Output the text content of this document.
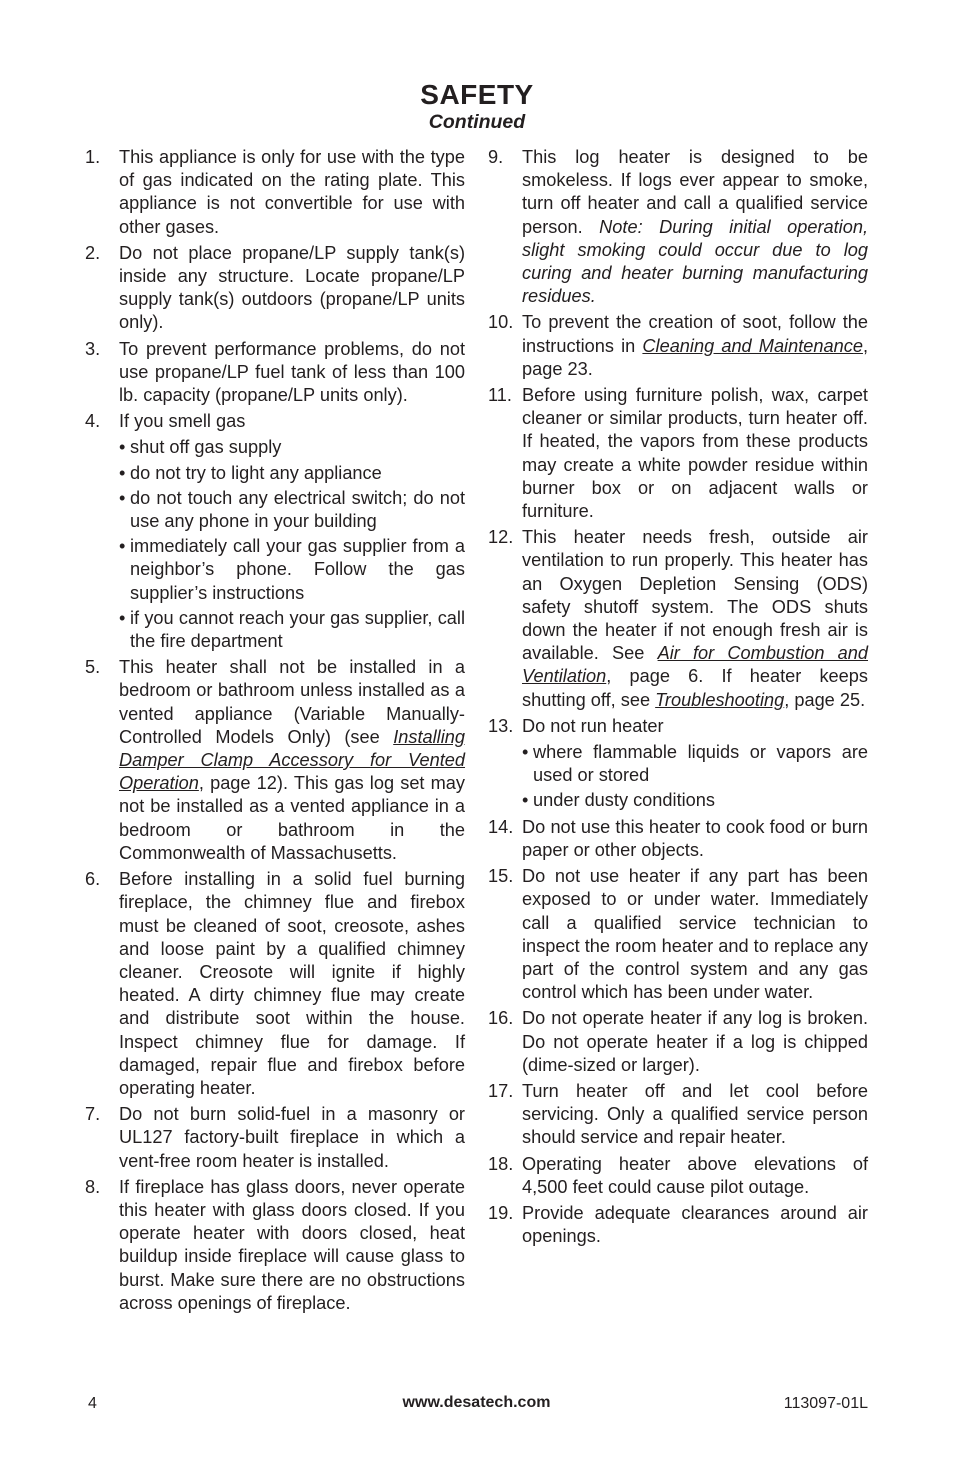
SAFETY
Continued
1. This appliance is only for use with the type of gas indicated on the rating plate. This appliance is not convertible for use with other gases.
2. Do not place propane/LP supply tank(s) inside any structure. Locate propane/LP supply tank(s) outdoors (propane/LP units only).
3. To prevent performance problems, do not use propane/LP fuel tank of less than 100 lb. capacity (propane/LP units only).
4. If you smell gas
• shut off gas supply
• do not try to light any appliance
• do not touch any electrical switch; do not use any phone in your building
• immediately call your gas supplier from a neighbor’s phone. Follow the gas supplier’s instructions
• if you cannot reach your gas supplier, call the fire department
5. This heater shall not be installed in a bedroom or bathroom unless installed as a vented appliance (Variable Manually-Controlled Models Only) (see Installing Damper Clamp Accessory for Vented Operation, page 12). This gas log set may not be installed as a vented appliance in a bedroom or bathroom in the Commonwealth of Massachusetts.
6. Before installing in a solid fuel burning fireplace, the chimney flue and firebox must be cleaned of soot, creosote, ashes and loose paint by a qualified chimney cleaner. Creosote will ignite if highly heated. A dirty chimney flue may create and distribute soot within the house. Inspect chimney flue for damage. If damaged, repair flue and firebox before operating heater.
7. Do not burn solid-fuel in a masonry or UL127 factory-built fireplace in which a vent-free room heater is installed.
8. If fireplace has glass doors, never operate this heater with glass doors closed. If you operate heater with doors closed, heat buildup inside fireplace will cause glass to burst. Make sure there are no obstructions across openings of fireplace.
9. This log heater is designed to be smokeless. If logs ever appear to smoke, turn off heater and call a qualified service person. Note: During initial operation, slight smoking could occur due to log curing and heater burning manufacturing residues.
10. To prevent the creation of soot, follow the instructions in Cleaning and Maintenance, page 23.
11. Before using furniture polish, wax, carpet cleaner or similar products, turn heater off. If heated, the vapors from these products may create a white powder residue within burner box or on adjacent walls or furniture.
12. This heater needs fresh, outside air ventilation to run properly. This heater has an Oxygen Depletion Sensing (ODS) safety shutoff system. The ODS shuts down the heater if not enough fresh air is available. See Air for Combustion and Ventilation, page 6. If heater keeps shutting off, see Troubleshooting, page 25.
13. Do not run heater
• where flammable liquids or vapors are used or stored
• under dusty conditions
14. Do not use this heater to cook food or burn paper or other objects.
15. Do not use heater if any part has been exposed to or under water. Immediately call a qualified service technician to inspect the room heater and to replace any part of the control system and any gas control which has been under water.
16. Do not operate heater if any log is broken. Do not operate heater if a log is chipped (dime-sized or larger).
17. Turn heater off and let cool before servicing. Only a qualified service person should service and repair heater.
18. Operating heater above elevations of 4,500 feet could cause pilot outage.
19. Provide adequate clearances around air openings.
4	www.desatech.com	113097-01L
